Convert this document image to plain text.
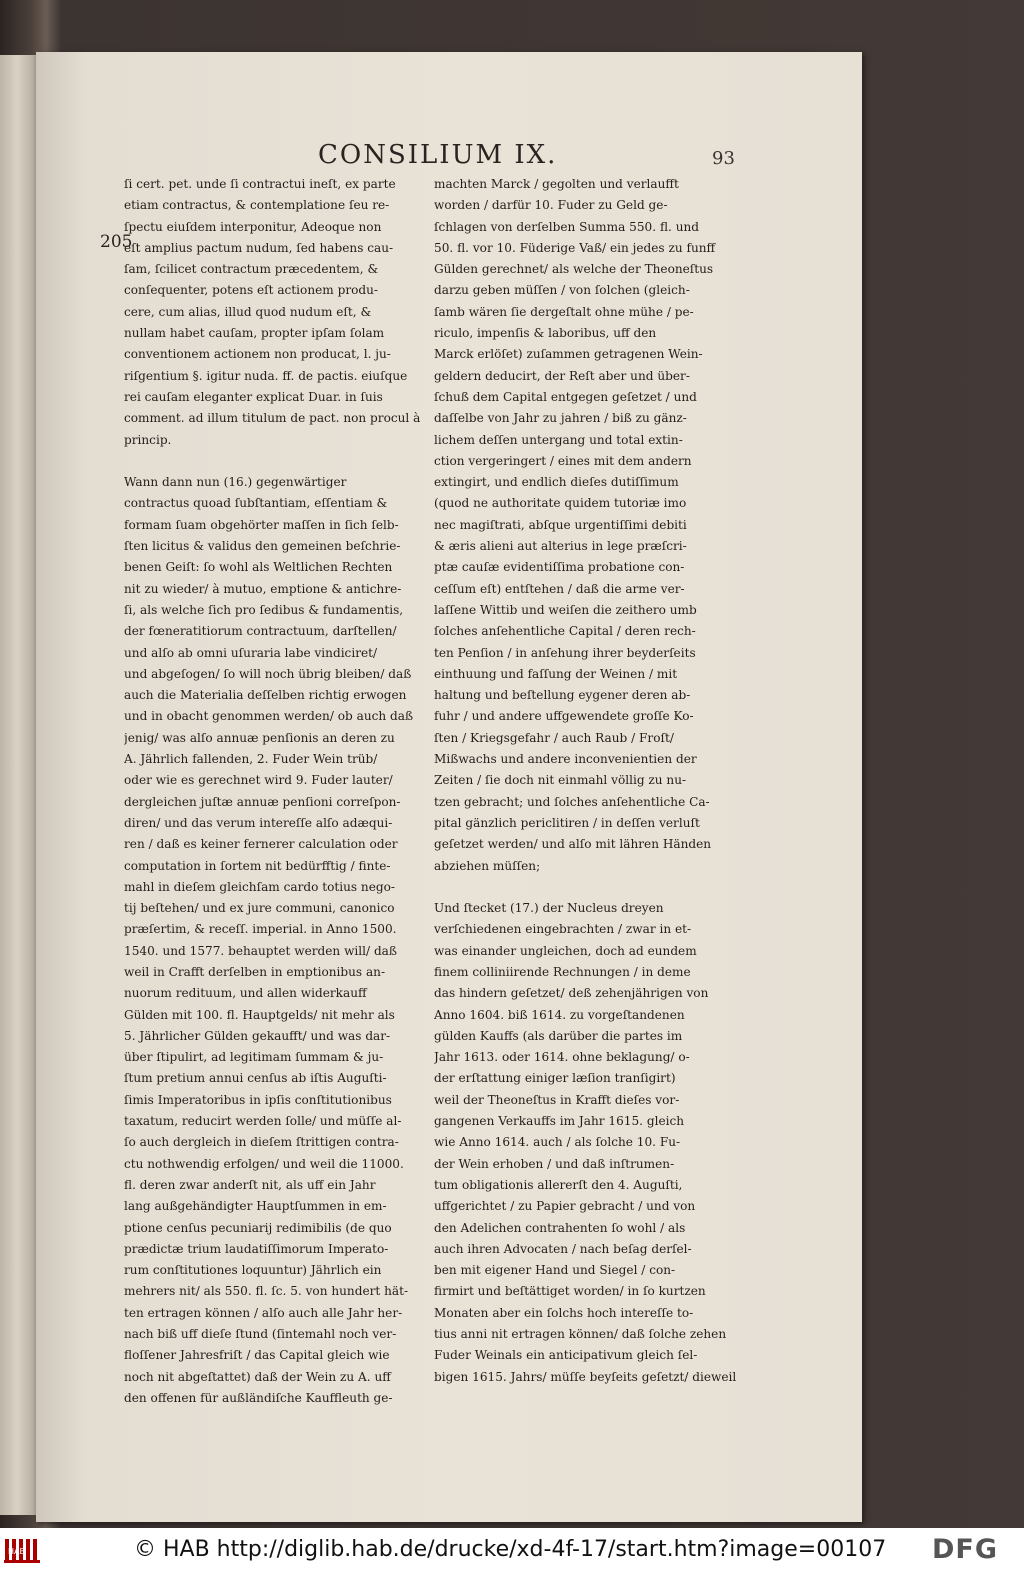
CONSILIUM IX.	93
205
ſi cert. pet. unde ſi contractui ineſt, ex parte
etiam contractus, & contemplatione ſeu re-
ſpectu eiuſdem interponitur, Adeoque non
eſt amplius pactum nudum, ſed habens cau-
ſam, ſcilicet contractum præcedentem, &
conſequenter, potens eſt actionem produ-
cere, cum alias, illud quod nudum eſt, &
nullam habet cauſam, propter ipſam ſolam
conventionem actionem non producat, l. ju-
riſgentium §. igitur nuda. ff. de pactis. eiuſque
rei cauſam eleganter explicat Duar. in ſuis
comment. ad illum titulum de pact. non procul à
princip.
Wann dann nun (16.) gegenwärtiger
contractus quoad ſubſtantiam, eſſentiam &
formam ſuam obgehörter maſſen in ſich ſelb-
ſten licitus & validus den gemeinen beſchrie-
benen Geiſt: ſo wohl als Weltlichen Rechten
nit zu wieder/ à mutuo, emptione & antichre-
ſi, als welche ſich pro ſedibus & fundamentis,
der fœneratitiorum contractuum, darſtellen/
und alſo ab omni uſuraria labe vindiciret/
und abgeſogen/ ſo will noch übrig bleiben/ daß
auch die Materialia deſſelben richtig erwogen
und in obacht genommen werden/ ob auch daß
jenig/ was alſo annuæ penſionis an deren zu
A. Jährlich fallenden, 2. Fuder Wein trüb/
oder wie es gerechnet wird 9. Fuder lauter/
dergleichen juſtæ annuæ penſioni correſpon-
diren/ und das verum intereſſe alſo adæqui-
ren / daß es keiner fernerer calculation oder
computation in ſortem nit bedürfftig / finte-
mahl in dieſem gleichſam cardo totius nego-
tij beſtehen/ und ex jure communi, canonico
præſertim, & receſſ. imperial. in Anno 1500.
1540. und 1577. behauptet werden will/ daß
weil in Crafft derſelben in emptionibus an-
nuorum redituum, und allen widerkauff
Gülden mit 100. fl. Hauptgelds/ nit mehr als
5. Jährlicher Gülden gekaufft/ und was dar-
über ſtipulirt, ad legitimam ſummam & ju-
ſtum pretium annui cenſus ab iſtis Auguſti-
ſimis Imperatoribus in ipſis conſtitutionibus
taxatum, reducirt werden ſolle/ und müſſe al-
ſo auch dergleich in dieſem ſtrittigen contra-
ctu nothwendig erfolgen/ und weil die 11000.
fl. deren zwar anderſt nit, als uff ein Jahr
lang außgehändigter Hauptſummen in em-
ptione cenſus pecuniarij redimibilis (de quo
prædictæ trium laudatiſſimorum Imperato-
rum conſtitutiones loquuntur) Jährlich ein
mehrers nit/ als 550. fl. ſc. 5. von hundert hät-
ten ertragen können / alſo auch alle Jahr her-
nach biß uff dieſe ſtund (ſintemahl noch ver-
floſſener Jahresfriſt / das Capital gleich wie
noch nit abgeſtattet) daß der Wein zu A. uff
den offenen für außländiſche Kauffleuth ge-
machten Marck / gegolten und verlaufft
worden / darfür 10. Fuder zu Geld ge-
ſchlagen von derſelben Summa 550. fl. und
50. fl. vor 10. Füderige Vaß/ ein jedes zu funff
Gülden gerechnet/ als welche der Theoneſtus
darzu geben müſſen / von ſolchen (gleich-
ſamb wären ſie dergeſtalt ohne mühe / pe-
riculo, impenſis & laboribus, uff den
Marck erlöſet) zuſammen getragenen Wein-
geldern deducirt, der Reſt aber und über-
ſchuß dem Capital entgegen geſetzet / und
daſſelbe von Jahr zu jahren / biß zu gänz-
lichem deſſen untergang und total extin-
ction vergeringert / eines mit dem andern
extingirt, und endlich dieſes dutiſſimum
(quod ne authoritate quidem tutoriæ imo
nec magiſtrati, abſque urgentiſſimi debiti
& æris alieni aut alterius in lege præſcri-
ptæ cauſæ evidentiſſima probatione con-
ceſſum eſt) entſtehen / daß die arme ver-
laſſene Wittib und weiſen die zeithero umb
ſolches anſehentliche Capital / deren rech-
ten Penſion / in anſehung ihrer beyderſeits
einthuung und faſſung der Weinen / mit
haltung und beſtellung eygener deren ab-
fuhr / und andere uffgewendete groſſe Ko-
ſten / Kriegsgefahr / auch Raub / Froſt/
Mißwachs und andere inconvenientien der
Zeiten / ſie doch nit einmahl völlig zu nu-
tzen gebracht; und ſolches anſehentliche Ca-
pital gänzlich periclitiren / in deſſen verluſt
geſetzet werden/ und alſo mit lähren Händen
abziehen müſſen;
Und ſtecket (17.) der Nucleus dreyen
verſchiedenen eingebrachten / zwar in et-
was einander ungleichen, doch ad eundem
finem colliniirende Rechnungen / in deme
das hindern geſetzet/ deß zehenjährigen von
Anno 1604. biß 1614. zu vorgeſtandenen
gülden Kauffs (als darüber die partes im
Jahr 1613. oder 1614. ohne beklagung/ o-
der erſtattung einiger læſion tranſigirt)
weil der Theoneſtus in Krafft dieſes vor-
gangenen Verkauffs im Jahr 1615. gleich
wie Anno 1614. auch / als ſolche 10. Fu-
der Wein erhoben / und daß inſtrumen-
tum obligationis allererſt den 4. Auguſti,
uffgerichtet / zu Papier gebracht / und von
den Adelichen contrahenten ſo wohl / als
auch ihren Advocaten / nach beſag derſel-
ben mit eigener Hand und Siegel / con-
firmirt und beſtättiget worden/ in ſo kurtzen
Monaten aber ein ſolchs hoch intereſſe to-
tius anni nit ertragen können/ daß ſolche zehen
Fuder Weinals ein anticipativum gleich ſel-
bigen 1615. Jahrs/ müſſe beyſeits geſetzt/ dieweil
HAB	© HAB http://diglib.hab.de/drucke/xd-4f-17/start.htm?image=00107 DFG
